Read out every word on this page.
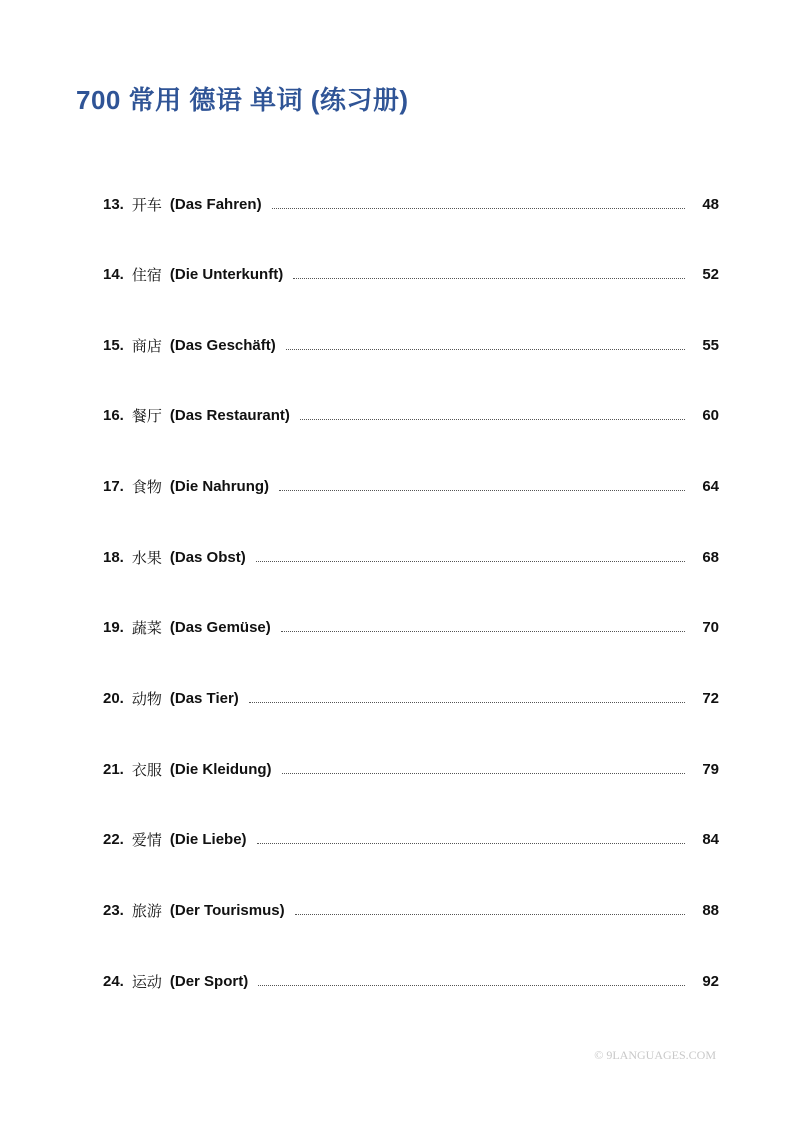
700 常用 德语 单词 (练习册)
13. 开车 (Das Fahren)	48
14. 住宿 (Die Unterkunft)	52
15. 商店 (Das Geschäft)	55
16. 餐厅 (Das Restaurant)	60
17. 食物 (Die Nahrung)	64
18. 水果 (Das Obst)	68
19. 蔬菜 (Das Gemüse)	70
20. 动物 (Das Tier)	72
21. 衣服 (Die Kleidung)	79
22. 爱情 (Die Liebe)	84
23. 旅游 (Der Tourismus)	88
24. 运动 (Der Sport)	92
© 9LANGUAGES.COM
